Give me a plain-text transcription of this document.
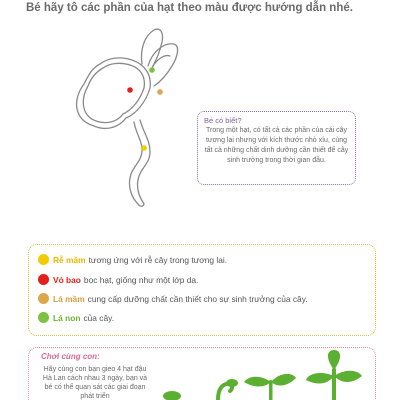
Bé hãy tô các phần của hạt theo màu được hướng dẫn nhé.
Bé có biết?
Trong một hạt, có tất cả các phần của cái cây tương lai nhưng với kích thước nhỏ xíu, cùng tất cả những chất dinh dưỡng cần thiết để cây sinh trưởng trong thời gian đầu.
Rễ mầm tương ứng với rễ cây trong tương lai.
Vỏ bao bọc hạt, giống như một lớp da.
Lá mầm cung cấp dưỡng chất cần thiết cho sự sinh trưởng của cây.
Lá non của cây.
Chơi cùng con:
Hãy cùng con bạn gieo 4 hạt đậu Hà Lan cách nhau 3 ngày, bạn và bé có thể quan sát các giai đoạn phát triển
